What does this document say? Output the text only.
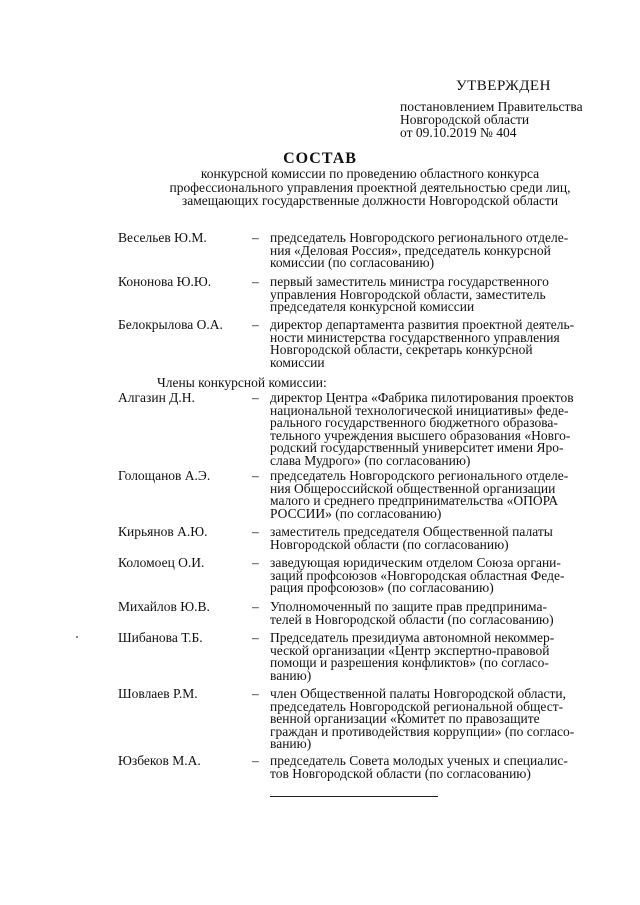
УТВЕРЖДЕН
постановлением Правительства
Новгородской области
от 09.10.2019 № 404
СОСТАВ
конкурсной комиссии по проведению областного конкурса
профессионального управления проектной деятельностью среди лиц,
замещающих государственные должности Новгородской области
Весельев Ю.М.	– председатель Новгородского регионального отделе-
ния «Деловая Россия», председатель конкурсной
комиссии (по согласованию)
Кононова Ю.Ю.	– первый заместитель министра государственного
управления Новгородской области, заместитель
председателя конкурсной комиссии
Белокрылова О.А.	– директор департамента развития проектной деятель-
ности министерства государственного управления
Новгородской области, секретарь конкурсной
комиссии
Члены конкурсной комиссии:
Алгазин Д.Н.	– директор Центра «Фабрика пилотирования проектов
национальной технологической инициативы» феде-
рального государственного бюджетного образова-
тельного учреждения высшего образования «Новго-
родский государственный университет имени Яро-
слава Мудрого» (по согласованию)
Голощанов А.Э.	– председатель Новгородского регионального отделе-
ния Общероссийской общественной организации
малого и среднего предпринимательства «ОПОРА
РОССИИ» (по согласованию)
Кирьянов А.Ю.	– заместитель председателя Общественной палаты
Новгородской области (по согласованию)
Коломоец О.И.	– заведующая юридическим отделом Союза органи-
заций профсоюзов «Новгородская областная Феде-
рация профсоюзов» (по согласованию)
Михайлов Ю.В.	– Уполномоченный по защите прав предпринима-
телей в Новгородской области (по согласованию)
Шибанова Т.Б.	– Председатель президиума автономной некоммер-
ческой организации «Центр экспертно-правовой
помощи и разрешения конфликтов» (по согласо-
ванию)
Шовлаев Р.М.	– член Общественной палаты Новгородской области,
председатель Новгородской региональной общест-
венной организации «Комитет по правозащите
граждан и противодействия коррупции» (по согласо-
ванию)
Юзбеков М.А.	– председатель Совета молодых ученых и специалис-
тов Новгородской области (по согласованию)
